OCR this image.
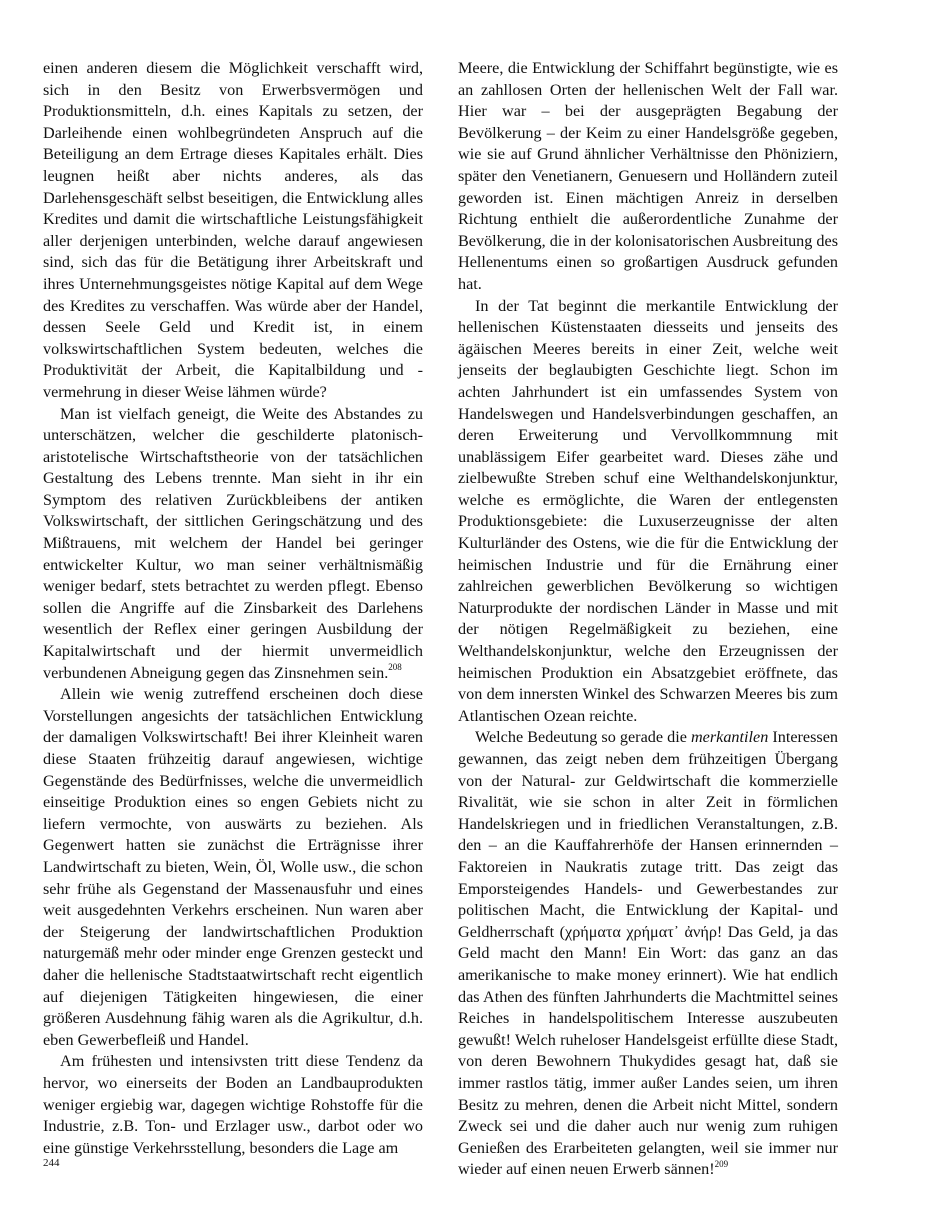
einen anderen diesem die Möglichkeit verschafft wird, sich in den Besitz von Erwerbsvermögen und Produktionsmitteln, d.h. eines Kapitals zu setzen, der Darleihende einen wohlbegründeten Anspruch auf die Beteiligung an dem Ertrage dieses Kapitales erhält. Dies leugnen heißt aber nichts anderes, als das Darlehensgeschäft selbst beseitigen, die Entwicklung alles Kredites und damit die wirtschaftliche Leistungsfähigkeit aller derjenigen unterbinden, welche darauf angewiesen sind, sich das für die Betätigung ihrer Arbeitskraft und ihres Unternehmungsgeistes nötige Kapital auf dem Wege des Kredites zu verschaffen. Was würde aber der Handel, dessen Seele Geld und Kredit ist, in einem volkswirtschaftlichen System bedeuten, welches die Produktivität der Arbeit, die Kapitalbildung und -vermehrung in dieser Weise lähmen würde?

Man ist vielfach geneigt, die Weite des Abstandes zu unterschätzen, welcher die geschilderte platonisch-aristotelische Wirtschaftstheorie von der tatsächlichen Gestaltung des Lebens trennte. Man sieht in ihr ein Symptom des relativen Zurückbleibens der antiken Volkswirtschaft, der sittlichen Geringschätzung und des Mißtrauens, mit welchem der Handel bei geringer entwickelter Kultur, wo man seiner verhältnismäßig weniger bedarf, stets betrachtet zu werden pflegt. Ebenso sollen die Angriffe auf die Zinsbarkeit des Darlehens wesentlich der Reflex einer geringen Ausbildung der Kapitalwirtschaft und der hiermit unvermeidlich verbundenen Abneigung gegen das Zinsnehmen sein.$^{208}$

Allein wie wenig zutreffend erscheinen doch diese Vorstellungen angesichts der tatsächlichen Entwicklung der damaligen Volkswirtschaft! Bei ihrer Kleinheit waren diese Staaten frühzeitig darauf angewiesen, wichtige Gegenstände des Bedürfnisses, welche die unvermeidlich einseitige Produktion eines so engen Gebiets nicht zu liefern vermochte, von auswärts zu beziehen. Als Gegenwert hatten sie zunächst die Erträgnisse ihrer Landwirtschaft zu bieten, Wein, Öl, Wolle usw., die schon sehr frühe als Gegenstand der Massenausfuhr und eines weit ausgedehnten Verkehrs erscheinen. Nun waren aber der Steigerung der landwirtschaftlichen Produktion naturgemäß mehr oder minder enge Grenzen gesteckt und daher die hellenische Stadtstaatwirtschaft recht eigentlich auf diejenigen Tätigkeiten hingewiesen, die einer größeren Ausdehnung fähig waren als die Agrikultur, d.h. eben Gewerbefleiß und Handel.

Am frühesten und intensivsten tritt diese Tendenz da hervor, wo einerseits der Boden an Landbauprodukten weniger ergiebig war, dagegen wichtige Rohstoffe für die Industrie, z.B. Ton- und Erzlager usw., darbot oder wo eine günstige Verkehrsstellung, besonders die Lage am

Meere, die Entwicklung der Schiffahrt begünstigte, wie es an zahllosen Orten der hellenischen Welt der Fall war. Hier war – bei der ausgeprägten Begabung der Bevölkerung – der Keim zu einer Handelsgröße gegeben, wie sie auf Grund ähnlicher Verhältnisse den Phöniziern, später den Venetianern, Genuesern und Holländern zuteil geworden ist. Einen mächtigen Anreiz in derselben Richtung enthielt die außerordentliche Zunahme der Bevölkerung, die in der kolonisatorischen Ausbreitung des Hellenentums einen so großartigen Ausdruck gefunden hat.

In der Tat beginnt die merkantile Entwicklung der hellenischen Küstenstaaten diesseits und jenseits des ägäischen Meeres bereits in einer Zeit, welche weit jenseits der beglaubigten Geschichte liegt. Schon im achten Jahrhundert ist ein umfassendes System von Handelswegen und Handelsverbindungen geschaffen, an deren Erweiterung und Vervollkommnung mit unablässigem Eifer gearbeitet ward. Dieses zähe und zielbewußte Streben schuf eine Welthandelskonjunktur, welche es ermöglichte, die Waren der entlegensten Produktionsgebiete: die Luxuserzeugnisse der alten Kulturländer des Ostens, wie die für die Entwicklung der heimischen Industrie und für die Ernährung einer zahlreichen gewerblichen Bevölkerung so wichtigen Naturprodukte der nordischen Länder in Masse und mit der nötigen Regelmäßigkeit zu beziehen, eine Welthandelskonjunktur, welche den Erzeugnissen der heimischen Produktion ein Absatzgebiet eröffnete, das von dem innersten Winkel des Schwarzen Meeres bis zum Atlantischen Ozean reichte.

Welche Bedeutung so gerade die merkantilen Interessen gewannen, das zeigt neben dem frühzeitigen Übergang von der Natural- zur Geldwirtschaft die kommerzielle Rivalität, wie sie schon in alter Zeit in förmlichen Handelskriegen und in friedlichen Veranstaltungen, z.B. den – an die Kauffahrerhöfe der Hansen erinnernden – Faktoreien in Naukratis zutage tritt. Das zeigt das Emporsteigendes Handels- und Gewerbestandes zur politischen Macht, die Entwicklung der Kapital- und Geldherrschaft (χρήματα χρήματ᾽ ἀνήρ! Das Geld, ja das Geld macht den Mann! Ein Wort: das ganz an das amerikanische to make money erinnert). Wie hat endlich das Athen des fünften Jahrhunderts die Machtmittel seines Reiches in handelspolitischem Interesse auszubeuten gewußt! Welch ruheloser Handelsgeist erfüllte diese Stadt, von deren Bewohnern Thukydides gesagt hat, daß sie immer rastlos tätig, immer außer Landes seien, um ihren Besitz zu mehren, denen die Arbeit nicht Mittel, sondern Zweck sei und die daher auch nur wenig zum ruhigen Genießen des Erarbeiteten gelangten, weil sie immer nur wieder auf einen neuen Erwerb sännen!$^{209}$

244
